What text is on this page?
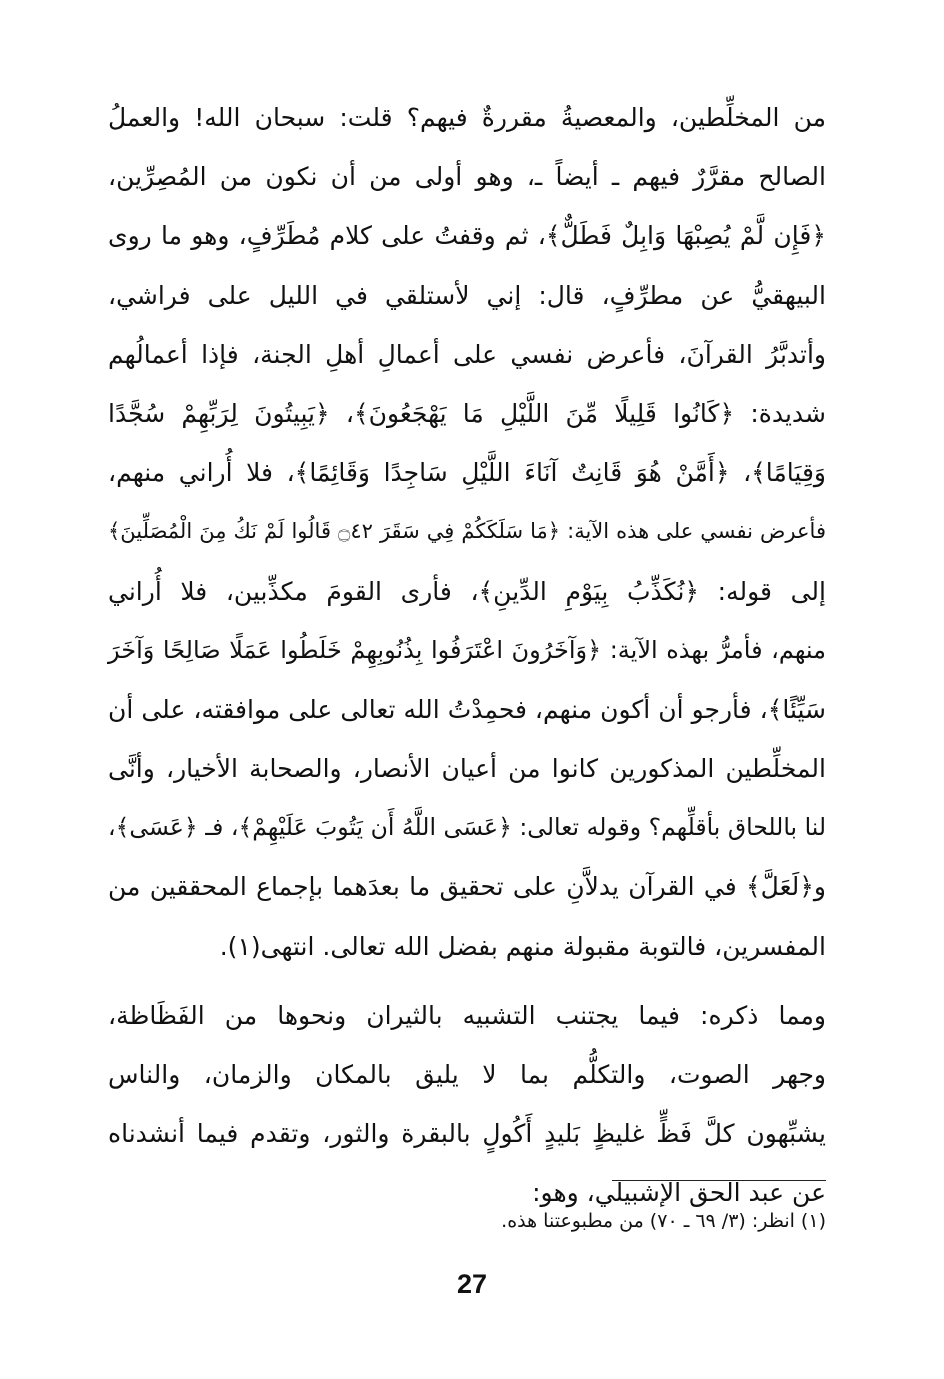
من المخلِّطين، والمعصيةُ مقررةٌ فيهم؟ قلت: سبحان الله! والعملُ
الصالح مقرَّرٌ فيهم ـ أيضاً ـ، وهو أولى من أن نكون من المُصِرِّين،
﴿فَإِن لَّمْ يُصِبْهَا وَابِلٌ فَطَلٌّ﴾، ثم وقفتُ على كلام مُطَرِّفٍ، وهو ما روى
البيهقيُّ عن مطرِّفٍ، قال: إني لأستلقي في الليل على فراشي،
وأتدبَّرُ القرآنَ، فأعرض نفسي على أعمالِ أهلِ الجنة، فإذا أعمالُهم
شديدة: ﴿كَانُوا قَلِيلًا مِّنَ اللَّيْلِ مَا يَهْجَعُونَ﴾، ﴿يَبِيتُونَ لِرَبِّهِمْ سُجَّدًا
وَقِيَامًا﴾، ﴿أَمَّنْ هُوَ قَانِتٌ آنَاءَ اللَّيْلِ سَاجِدًا وَقَائِمًا﴾، فلا أُراني منهم،
فأعرض نفسي على هذه الآية: ﴿مَا سَلَكَكُمْ فِي سَقَرَ ۝٤٢ قَالُوا لَمْ نَكُ مِنَ الْمُصَلِّينَ﴾
إلى قوله: ﴿نُكَذِّبُ بِيَوْمِ الدِّينِ﴾، فأرى القومَ مكذِّبين، فلا أُراني
منهم، فأمرُّ بهذه الآية: ﴿وَآخَرُونَ اعْتَرَفُوا بِذُنُوبِهِمْ خَلَطُوا عَمَلًا صَالِحًا وَآخَرَ
سَيِّئًا﴾، فأرجو أن أكون منهم، فحمِدْتُ الله تعالى على موافقته، على أن
المخلِّطين المذكورين كانوا من أعيان الأنصار، والصحابة الأخيار، وأنَّى
لنا باللحاق بأقلِّهم؟ وقوله تعالى: ﴿عَسَى اللَّهُ أَن يَتُوبَ عَلَيْهِمْ﴾، فـ ﴿عَسَى﴾،
و﴿لَعَلَّ﴾ في القرآن يدلاَّنِ على تحقيق ما بعدَهما بإجماع المحققين من
المفسرين، فالتوبة مقبولة منهم بفضل الله تعالى. انتهى(١).
ومما ذكره: فيما يجتنب التشبيه بالثيران ونحوها من الفَظَاظة،
وجهر الصوت، والتكلُّم بما لا يليق بالمكان والزمان، والناس
يشبِّهون كلَّ فَظٍّ غليظٍ بَليدٍ أَكُولٍ بالبقرة والثور، وتقدم فيما أنشدناه
عن عبد الحق الإشبيلي، وهو:
(١) انظر: (٣/ ٦٩ ـ ٧٠) من مطبوعتنا هذه.
27
